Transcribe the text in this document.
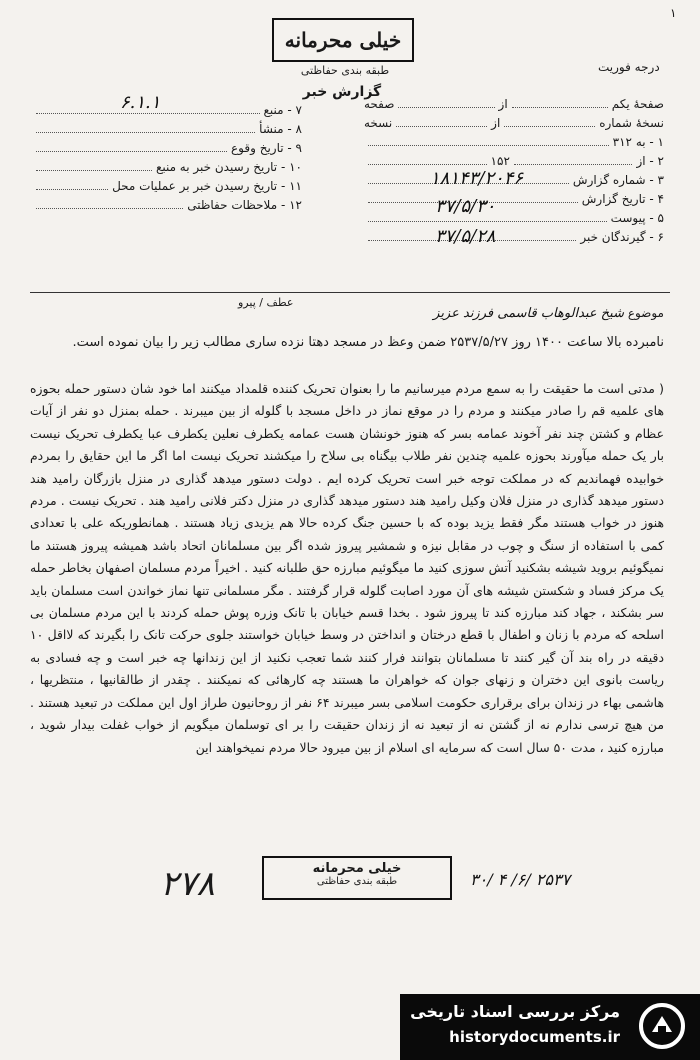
۱
خیلی محرمانه
طبقه بندی حفاظتی
گزارش خبر
درجه فوریت
صفحهٔ یکم
از
صفحه
نسخهٔ شماره
از
نسخه
۱ - به ۳۱۲
۲ - از
۱۵۲
۳ - شماره گزارش
۴ - تاریخ گزارش
۵ - پیوست
۶ - گیرندگان خبر
۷ - منبع
۸ - منشأ
۹ - تاریخ وقوع
۱۰ - تاریخ رسیدن خبر به منبع
۱۱ - تاریخ رسیدن خبر بر عملیات محل
۱۲ - ملاحظات حفاظتی
۶.۱.۱
۱۸۱۴۳/۲۰۴۶
۳۷/۵/۳۰
۳۷/۵/۲۸
عطف / پیرو
موضوع شیخ عبدالوهاب قاسمی فرزند عزیز
نامبرده بالا ساعت ۱۴۰۰ روز ۲۵۳۷/۵/۲۷ ضمن وعظ در مسجد دهتا نزده ساری مطالب زیر را بیان نموده است.
( مدتی است ما حقیقت را به سمع مردم میرسانیم ما را بعنوان تحریک کننده قلمداد میکنند اما خود شان دستور حمله بحوزه های علمیه قم را صادر میکنند و مردم را در موقع نماز در داخل مسجد با گلوله از بین میبرند . حمله بمنزل دو نفر از آیات عظام و کشتن چند نفر آخوند عمامه بسر که هنوز خونشان هست عمامه یکطرف نعلین یکطرف عبا یکطرف تحریک نیست بار یک حمله میآورند بحوزه علمیه چندین نفر طلاب بیگناه بی سلاح را میکشند تحریک نیست اما اگر ما این حقایق را بمردم خوابیده فهماندیم که در مملکت توجه خبر است تحریک کرده ایم . دولت دستور میدهد گذاری در منزل بازرگان رامید هند دستور میدهد گذاری در منزل فلان وکیل رامید هند دستور میدهد گذاری در منزل دکتر فلانی رامید هند . تحریک نیست . مردم هنوز در خواب هستند مگر فقط یزید بوده که با حسین جنگ کرده حالا هم یزیدی زیاد هستند . همانطوریکه علی با تعدادی کمی با استفاده از سنگ و چوب در مقابل نیزه و شمشیر پیروز شده اگر بین مسلمانان اتحاد باشد همیشه پیروز هستند ما نمیگوئیم بروید شیشه بشکنید آتش سوزی کنید ما میگوئیم مبارزه حق طلبانه کنید . اخیراً مردم مسلمان اصفهان بخاطر حمله یک مرکز فساد و شکستن شیشه های آن مورد اصابت گلوله قرار گرفتند . مگر مسلمانی تنها نماز خواندن است مسلمان باید سر بشکند ، جهاد کند مبارزه کند تا پیروز شود . بخدا قسم خیابان با تانک وزره پوش حمله کردند با این مردم مسلمان بی اسلحه که مردم با زنان و اطفال با قطع درختان و انداختن در وسط خیابان خواستند جلوی حرکت تانک را بگیرند که لااقل ۱۰ دقیقه در راه بند آن گیر کنند تا مسلمانان بتوانند فرار کنند شما تعجب نکنید از این زندانها چه خبر است و چه فسادی به ریاست بانوی این دختران و زنهای جوان که خواهران ما هستند چه کارهائی که نمیکنند . چقدر از طالقانیها ، منتظریها ، هاشمی بهاء در زندان برای برقراری حکومت اسلامی بسر میبرند ۶۴ نفر از روحانیون طراز اول این مملکت در تبعید هستند . من هیچ ترسی ندارم نه از گشتن نه از تبعید نه از زندان حقیقت را بر ای توسلمان میگویم از خواب غفلت بیدار شوید ، مبارزه کنید ، مدت ۵۰ سال است که سرمایه ای اسلام از بین میرود حالا مردم نمیخواهند این
خیلی محرمانه
طبقه بندی حفاظتی	۳۰/ ۴ /۶/ ۲۵۳۷
۲۷۸
مرکز بررسی اسناد تاریخی
historydocuments.ir
